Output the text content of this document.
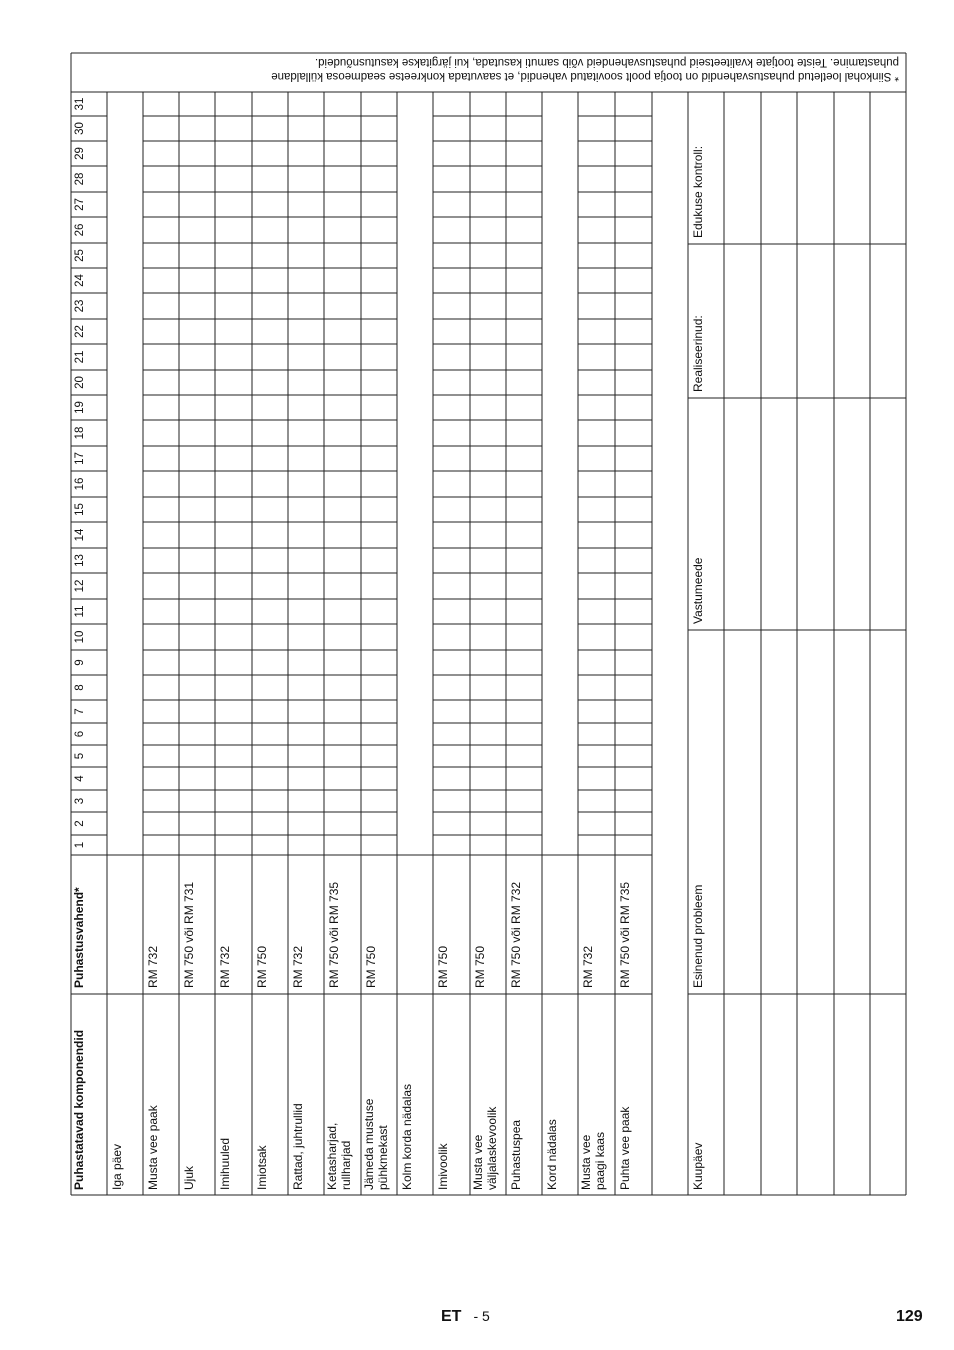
* Siinkohal loetletud puhastusvahendid on tootja poolt soovitatud vahendid, et saavutada konkreetse seadmeosa küllaldane
puhastamine. Teiste tootjate kvaliteetseid puhastusvahendeid võib samuti kasutada, kui järgitakse kasutusnõudeid.
Puhastatavad komponendid
Puhastusvahend*
1
2
3
4
5
6
7
8
9
10
11
12
13
14
15
16
17
18
19
20
21
22
23
24
25
26
27
28
29
30
31
Iga päev Musta vee paak
RM 732
Ujuk
RM 750 või RM 731
Imihuuled
RM 732
Imiotsak
RM 750
Rattad, juhtrullid
RM 732
Ketasharjad, rullharjad
RM 750 või RM 735
Jämeda mustuse pühkmekast
RM 750
Kolm korda nädalas Imivoolik
RM 750
Musta vee väljalaskevoolik
RM 750
Puhastuspea
RM 750 või RM 732
Kord nädalas Musta vee paagi kaas
RM 732
Puhta vee paak
RM 750 või RM 735
Kuupäev
Esinenud probleem
Vastumeede
Realiseerinud:
Edukuse kontroll:
ET - 5	129
